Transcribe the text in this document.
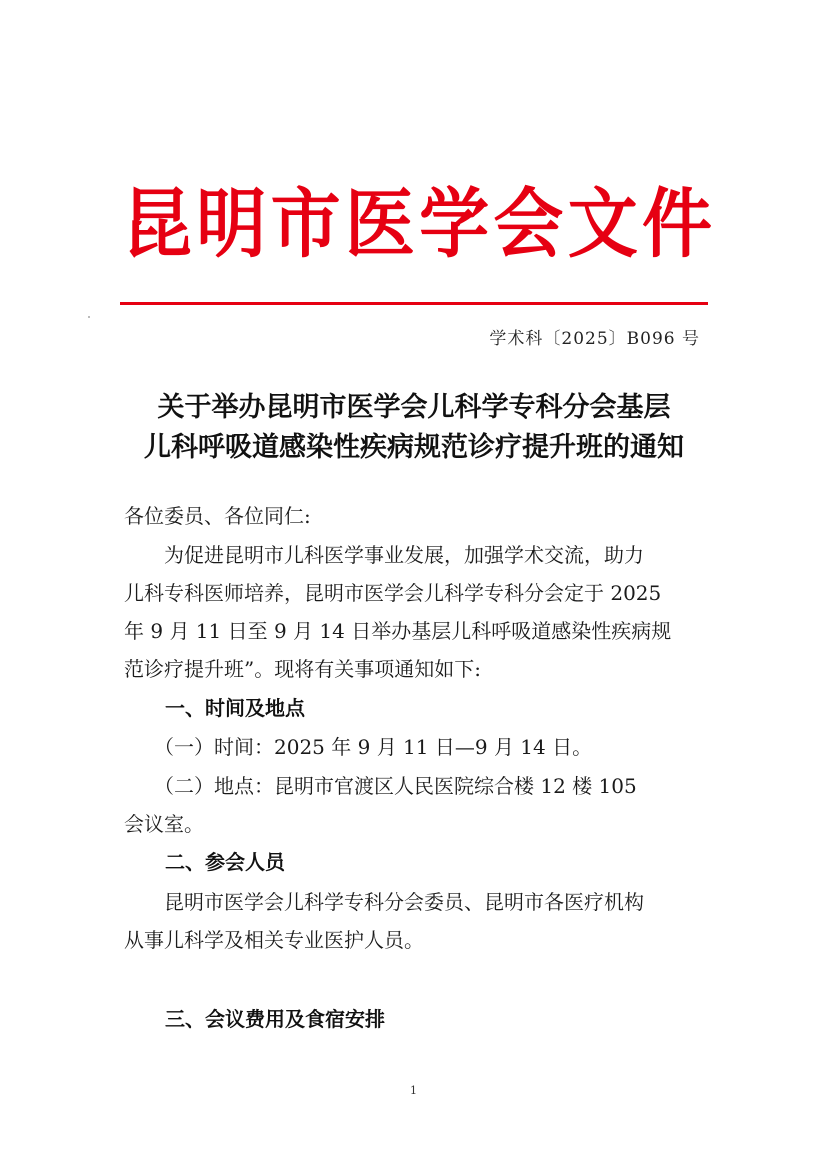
昆 明 市 医 学 会 文 件
学术科〔2025〕B096 号
关于举办昆明市医学会儿科学专科分会基层
儿科呼吸道感染性疾病规范诊疗提升班的通知
各位委员、各位同仁:
　　为促进昆明市儿科医学事业发展，加强学术交流，助力
儿科专科医师培养，昆明市医学会儿科学专科分会定于 2025
年 9 月 11 日至 9 月 14 日举办基层儿科呼吸道感染性疾病规
范诊疗提升班”。现将有关事项通知如下:
一、时间及地点
　　（一）时间：2025 年 9 月 11 日—9 月 14 日。
　　（二）地点：昆明市官渡区人民医院综合楼 12 楼 105
会议室。
二、参会人员
　　昆明市医学会儿科学专科分会委员、昆明市各医疗机构
从事儿科学及相关专业医护人员。
三、会议费用及食宿安排
1
